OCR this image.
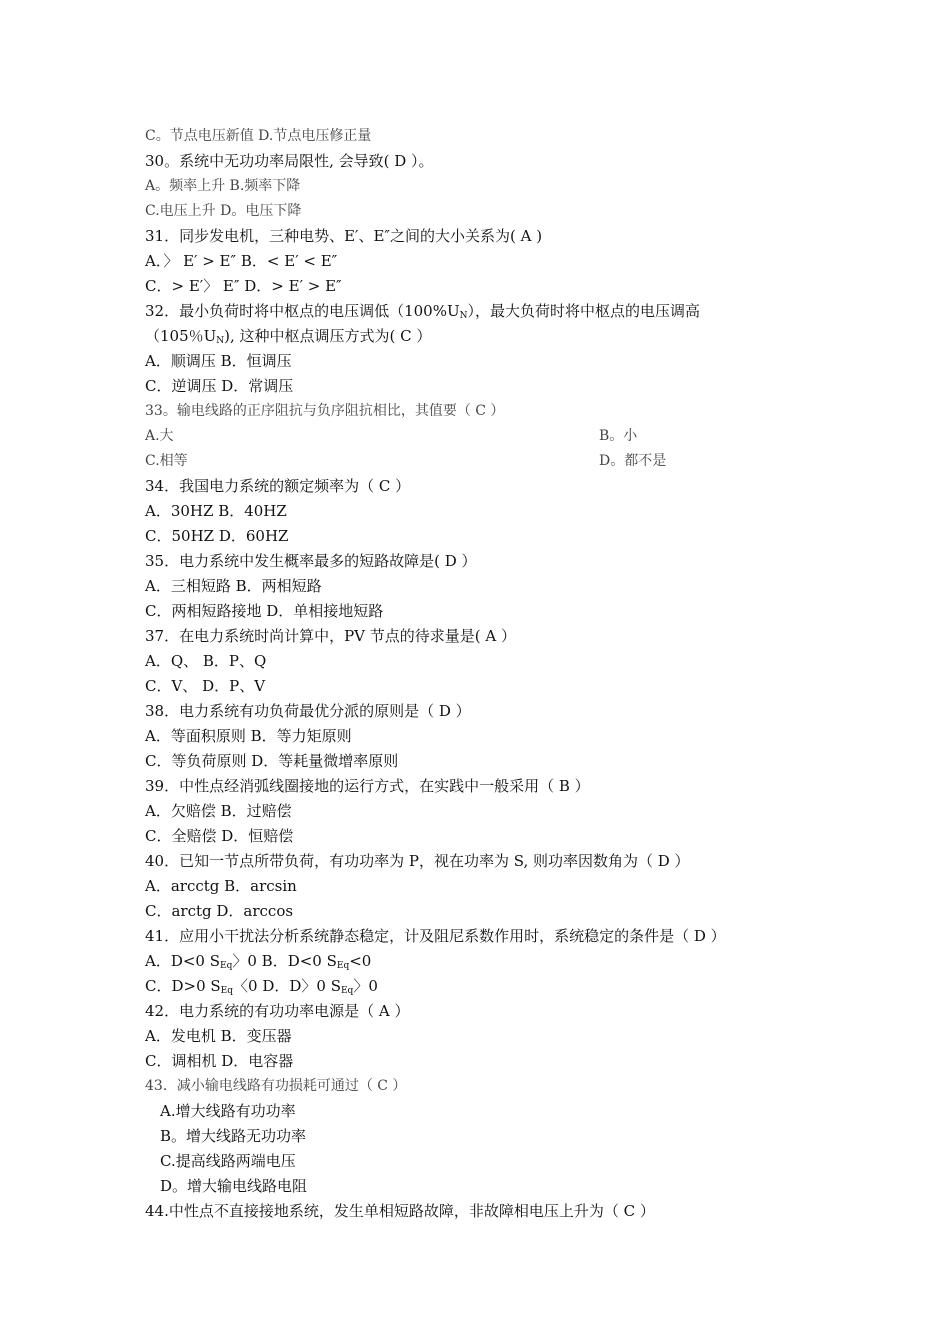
C。节点电压新值 D.节点电压修正量
30。系统中无功功率局限性, 会导致( D ）。
A。频率上升 B.频率下降
C.电压上升 D。电压下降
31．同步发电机，三种电势、E′、E″之间的大小关系为( A )
A．〉 E′ > E″ B．< E′ < E″
C．> E′〉 E″ D．> E′ > E″
32．最小负荷时将中枢点的电压调低$(100\%U_N)$，最大负荷时将中枢点的电压调高
（105％$U_N$), 这种中枢点调压方式为( C ）
A．顺调压 B．恒调压
C．逆调压 D．常调压
33。输电线路的正序阻抗与负序阻抗相比，其值要（ C ）
A.大	B。小
C.相等	D。都不是
34．我国电力系统的额定频率为（ C ）
A．30HZ B．40HZ
C．50HZ D．60HZ
35．电力系统中发生概率最多的短路故障是( D ）
A．三相短路 B．两相短路
C．两相短路接地 D．单相接地短路
37．在电力系统时尚计算中，PV 节点的待求量是( A ）
A．Q、 B．P、Q
C．V、 D．P、V
38．电力系统有功负荷最优分派的原则是（ D ）
A．等面积原则 B．等力矩原则
C．等负荷原则 D．等耗量微增率原则
39．中性点经消弧线圈接地的运行方式，在实践中一般采用（ B ）
A．欠赔偿 B．过赔偿
C．全赔偿 D．恒赔偿
40．已知一节点所带负荷，有功功率为 P，视在功率为 S, 则功率因数角为（ D ）
A．arcctg B．arcsin
C．arctg D．arccos
41．应用小干扰法分析系统静态稳定，计及阻尼系数作用时，系统稳定的条件是（ D ）
A．D<0 $S_{Eq}$〉0 B．D<0 $S_{Eq}<0$
C．D>0 $S_{Eq}$〈0 D．D〉0 $S_{Eq}$〉0
42．电力系统的有功功率电源是（ A ）
A．发电机 B．变压器
C．调相机 D．电容器
43．减小输电线路有功损耗可通过（ C ）
A.增大线路有功功率
B。增大线路无功功率
C.提高线路两端电压
D。增大输电线路电阻
44.中性点不直接接地系统，发生单相短路故障，非故障相电压上升为（ C ）
